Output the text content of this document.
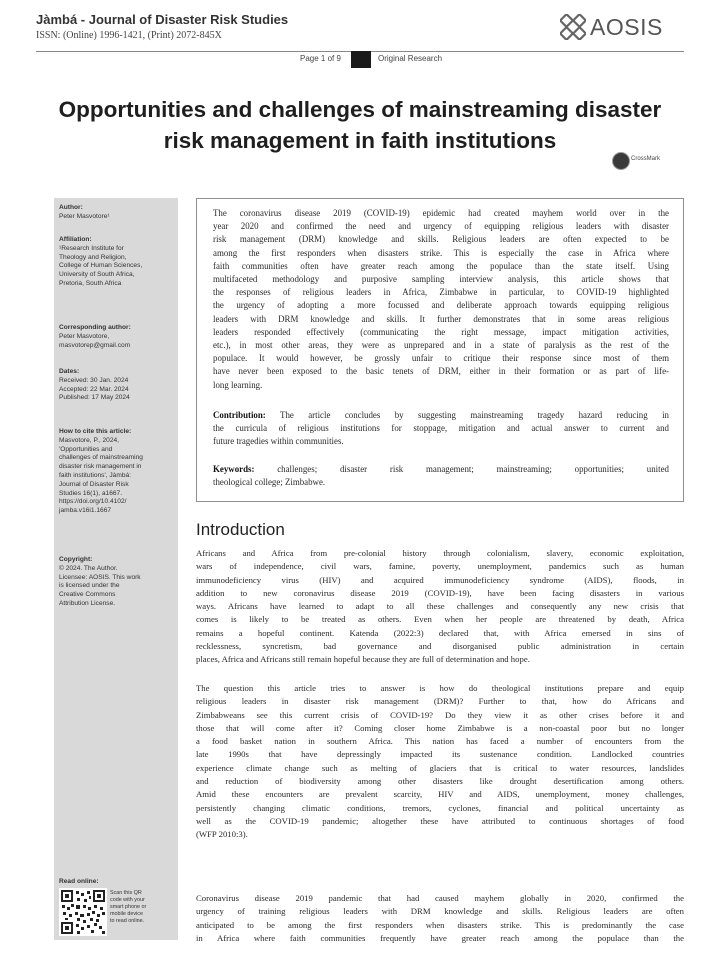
Jàmbá - Journal of Disaster Risk Studies
ISSN: (Online) 1996-1421, (Print) 2072-845X	AOSIS
Page 1 of 9	Original Research
Opportunities and challenges of mainstreaming disaster
risk management in faith institutions
CrossMark
Author:
Peter Masvotore¹
Affiliation:
¹Research Institute for
Theology and Religion,
College of Human Sciences,
University of South Africa,
Pretoria, South Africa
Corresponding author:
Peter Masvotore,
masvotorep@gmail.com
Dates:
Received: 30 Jan. 2024
Accepted: 22 Mar. 2024
Published: 17 May 2024
How to cite this article:
Masvotore, P., 2024,
'Opportunities and
challenges of mainstreaming
disaster risk management in
faith institutions', Jàmbá:
Journal of Disaster Risk
Studies 16(1), a1667.
https://doi.org/10.4102/
jamba.v16i1.1667
Copyright:
© 2024. The Author.
Licensee: AOSIS. This work
is licensed under the
Creative Commons
Attribution License.
Read online:
Scan this QR
code with your
smart phone or
mobile device
to read online.
The coronavirus disease 2019 (COVID-19) epidemic had created mayhem world over in the
year 2020 and confirmed the need and urgency of equipping religious leaders with disaster
risk management (DRM) knowledge and skills. Religious leaders are often expected to be
among the first responders when disasters strike. This is especially the case in Africa where
faith communities often have greater reach among the populace than the state itself. Using
multifaceted methodology and purposive sampling interview analysis, this article shows that
the responses of religious leaders in Africa, Zimbabwe in particular, to COVID-19 highlighted
the urgency of adopting a more focussed and deliberate approach towards equipping religious
leaders with DRM knowledge and skills. It further demonstrates that in some areas religious
leaders responded effectively (communicating the right message, impact mitigation activities,
etc.), in most other areas, they were as unprepared and in a state of paralysis as the rest of the
populace. It would however, be grossly unfair to critique their response since most of them
have never been exposed to the basic tenets of DRM, either in their formation or as part of life-
long learning.
Contribution: The article concludes by suggesting mainstreaming tragedy hazard reducing in
the curricula of religious institutions for stoppage, mitigation and actual answer to current and
future tragedies within communities.
Keywords: challenges; disaster risk management; mainstreaming; opportunities; united
theological college; Zimbabwe.
Introduction
Africans and Africa from pre-colonial history through colonialism, slavery, economic exploitation,
wars of independence, civil wars, famine, poverty, unemployment, pandemics such as human
immunodeficiency virus (HIV) and acquired immunodeficiency syndrome (AIDS), floods, in
addition to new coronavirus disease 2019 (COVID-19), have been facing disasters in various
ways. Africans have learned to adapt to all these challenges and consequently any new crisis that
comes is likely to be treated as others. Even when her people are threatened by death, Africa
remains a hopeful continent. Katenda (2022:3) declared that, with Africa emersed in sins of
recklessness, syncretism, bad governance and disorganised public administration in certain
places, Africa and Africans still remain hopeful because they are full of determination and hope.
The question this article tries to answer is how do theological institutions prepare and equip
religious leaders in disaster risk management (DRM)? Further to that, how do Africans and
Zimbabweans see this current crisis of COVID-19? Do they view it as other crises before it and
those that will come after it? Coming closer home Zimbabwe is a non-coastal poor but no longer
a food basket nation in southern Africa. This nation has faced a number of encounters from the
late 1990s that have depressingly impacted its sustenance condition. Landlocked countries
experience climate change such as melting of glaciers that is critical to water resources, landslides
and reduction of biodiversity among other disasters like drought desertification among others.
Amid these encounters are prevalent scarcity, HIV and AIDS, unemployment, money challenges,
persistently changing climatic conditions, tremors, cyclones, financial and political uncertainty as
well as the COVID-19 pandemic; altogether these have attributed to continuous shortages of food
(WFP 2010:3).
Coronavirus disease 2019 pandemic that had caused mayhem globally in 2020, confirmed the
urgency of training religious leaders with DRM knowledge and skills. Religious leaders are often
anticipated to be among the first responders when disasters strike. This is predominantly the case
in Africa where faith communities frequently have greater reach among the populace than the
